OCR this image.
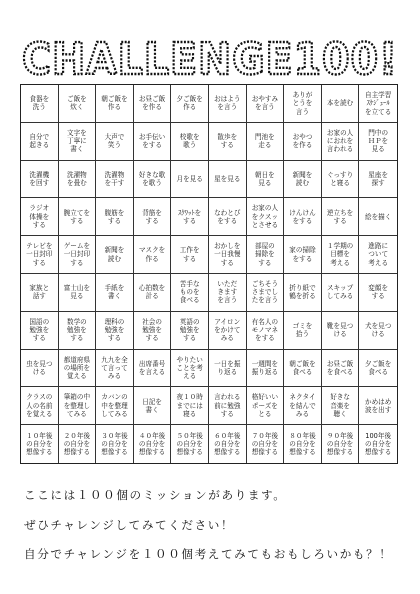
CHALLENGE100!
食器を
洗う
ご飯を
炊く
朝ご飯を
作る
お昼ご飯
を作る
夕ご飯を
作る
おはよう
を言う
おやすみ
を言う
ありが
とうを
言う
本を読む
自主学習
ｽｹｼﾞｭｰﾙ
を立てる
自分で
起きる
文字を
丁寧に
書く
大声で
笑う
お手伝い
をする
校歌を
歌う
散歩を
する
門池を
走る
おやつ
を作る
お家の人
におれを
言われる
門中の
ＨＰを
見る
洗濯機
を回す
洗濯物
を畳む
洗濯物
を干す
好きな歌
を歌う
月を見る	星を見る
朝日を
見る
新聞を
読む
ぐっすり
と寝る
星座を
探す
ラジオ
体操を
する
腕立てを
する
腹筋を
する
背筋を
する
ｽｸﾜｯﾄを
する
なわとび
をする
お家の人
をクスッ
とさせる
けんけん
をする
逆立ちを
する
絵を描く
テレビを
一日封印
する
ゲームを
一日封印
する
新聞を
読む
マスクを
作る
工作を
する
おかしを
一日我慢
する
部屋の
掃除を
する
家の掃除
をする
１学期の
目標を
考える
進路に
ついて
考える
家族と
話す
富士山を
見る
手紙を
書く
心拍数を
計る
苦手な
ものを
食べる
いただ
きます
を言う
ごちそう
さまでし
たを言う
折り紙で
鶴を折る
スキップ
してみる
変顔を
する
国語の
勉強を
する
数学の
勉強を
する
理科の
勉強を
する
社会の
勉強を
する
英語の
勉強を
する
アイロン
をかけて
みる
有名人の
モノマネ
をする
ゴミを
拾う
靴を見つ
ける
犬を見つ
ける
虫を見つ
ける
都道府県
の場所を
覚える
九九を全
て言って
みる
出席番号
を言える
やりたい
ことを考
える
一日を振
り返る
一週間を
振り返る
朝ご飯を
食べる
お昼ご飯
を食べる
夕ご飯を
食べる
クラスの
人の名前
を覚える
筆箱の中
を整理し
てみる
カバンの
中を整理
してみる
日記を
書く
夜１０時
までには
寝る
言われる
前に勉強
する
格好いい
ポーズを
とる
ネクタイ
を結んで
みる
好きな
音楽を
聴く
かめはめ
波を出す
１０年後
の自分を
想像する
２０年後
の自分を
想像する
３０年後
の自分を
想像する
４０年後
の自分を
想像する
５０年後
の自分を
想像する
６０年後
の自分を
想像する
７０年後
の自分を
想像する
８０年後
の自分を
想像する
９０年後
の自分を
想像する
100年後
の自分を
想像する
ここには１００個のミッションがあります。
ぜひチャレンジしてみてください！
自分でチャレンジを１００個考えてみてもおもしろいかも？！
